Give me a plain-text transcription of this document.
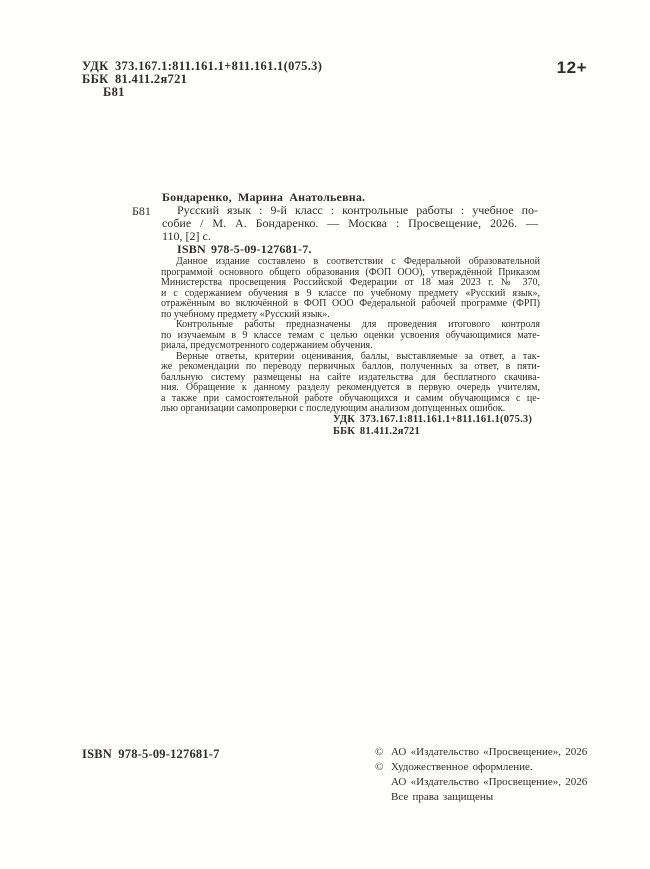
УДК 373.167.1:811.161.1+811.161.1(075.3)
ББК 81.411.2я721
Б81
12+
Б81
Бондаренко, Марина Анатольевна.
Русский язык : 9-й класс : контрольные работы : учебное по-
собие / М. А. Бондаренко. — Москва : Просвещение, 2026. —
110, [2] с.
ISBN 978-5-09-127681-7.
Данное издание составлено в соответствии с Федеральной образовательной
программой основного общего образования (ФОП ООО), утверждённой Приказом
Министерства просвещения Российской Федерации от 18 мая 2023 г. № 370,
и с содержанием обучения в 9 классе по учебному предмету «Русский язык»,
отражённым во включённой в ФОП ООО Федеральной рабочей программе (ФРП)
по учебному предмету «Русский язык».
Контрольные работы предназначены для проведения итогового контроля
по изучаемым в 9 классе темам с целью оценки усвоения обучающимися мате-
риала, предусмотренного содержанием обучения.
Верные ответы, критерии оценивания, баллы, выставляемые за ответ, а так-
же рекомендации по переводу первичных баллов, полученных за ответ, в пяти-
балльную систему размещены на сайте издательства для бесплатного скачива-
ния. Обращение к данному разделу рекомендуется в первую очередь учителям,
а также при самостоятельной работе обучающихся и самим обучающимся с це-
лью организации самопроверки с последующим анализом допущенных ошибок.
УДК 373.167.1:811.161.1+811.161.1(075.3)
ББК 81.411.2я721
ISBN 978-5-09-127681-7	© АО «Издательство «Просвещение», 2026
© Художественное оформление.
АО «Издательство «Просвещение», 2026
Все права защищены
